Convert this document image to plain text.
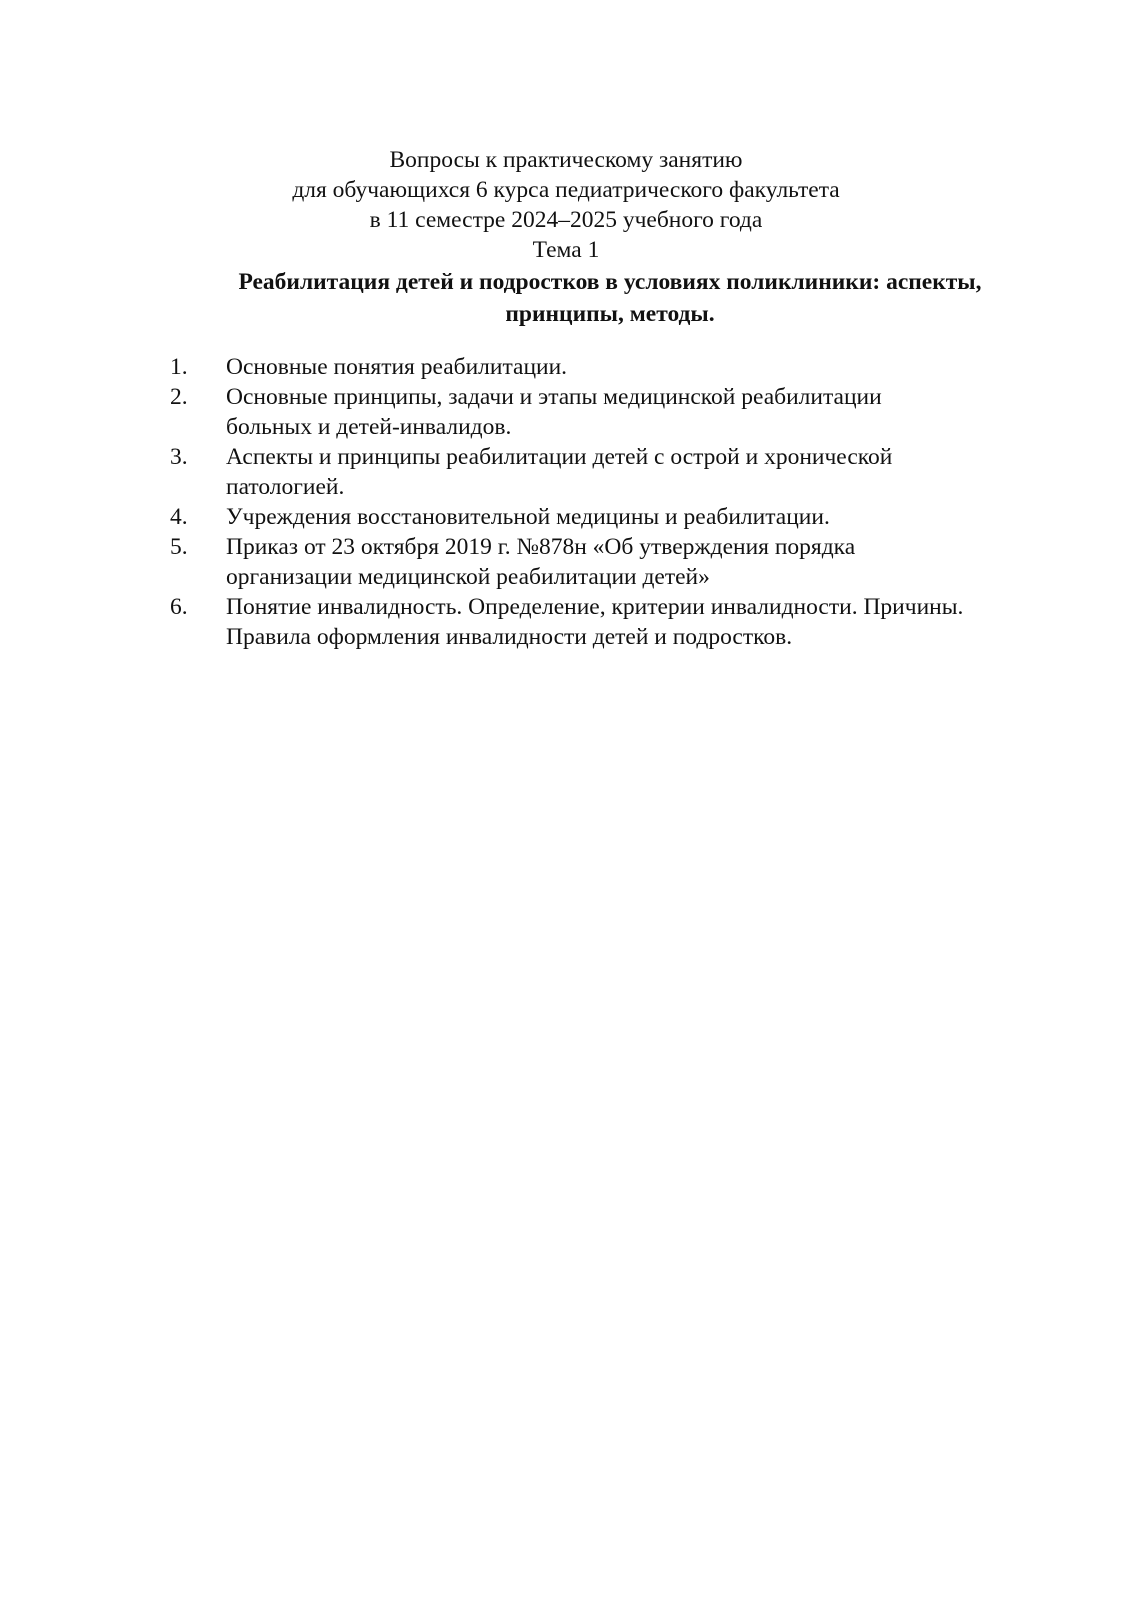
Вопросы к практическому занятию
для обучающихся 6 курса педиатрического факультета
в 11 семестре 2024–2025 учебного года
Тема 1
Реабилитация детей и подростков в условиях поликлиники: аспекты,
принципы, методы.
1.	Основные понятия реабилитации.
2.	Основные принципы, задачи и этапы медицинской реабилитации
больных и детей-инвалидов.
3.	Аспекты и принципы реабилитации детей с острой и хронической
патологией.
4.	Учреждения восстановительной медицины и реабилитации.
5.	Приказ от 23 октября 2019 г. №878н «Об утверждения порядка
организации медицинской реабилитации детей»
6.	Понятие инвалидность. Определение, критерии инвалидности. Причины.
Правила оформления инвалидности детей и подростков.
